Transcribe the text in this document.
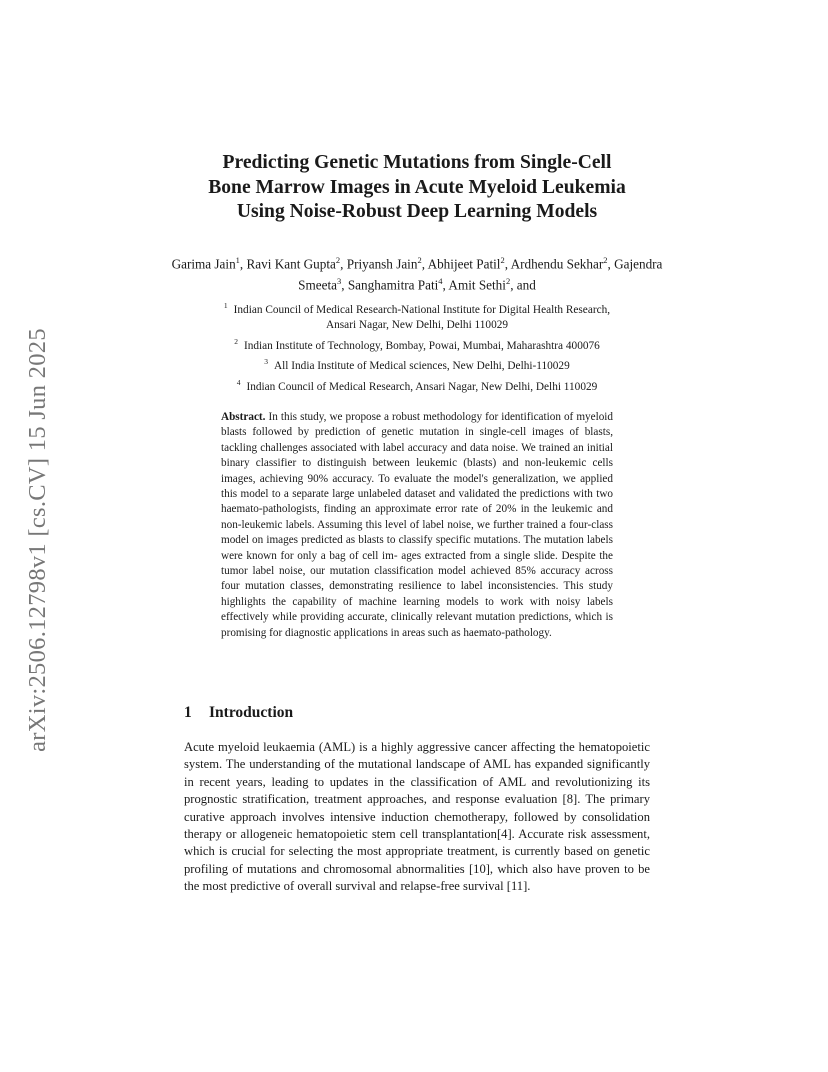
arXiv:2506.12798v1 [cs.CV] 15 Jun 2025
Predicting Genetic Mutations from Single-Cell
Bone Marrow Images in Acute Myeloid Leukemia
Using Noise-Robust Deep Learning Models
Garima Jain$^1$, Ravi Kant Gupta$^2$, Priyansh Jain$^2$, Abhijeet Patil$^2$, Ardhendu Sekhar$^2$, Gajendra Smeeta$^3$, Sanghamitra Pati$^4$, Amit Sethi$^2$, and
$^1$ Indian Council of Medical Research-National Institute for Digital Health Research,
Ansari Nagar, New Delhi, Delhi 110029
$^2$ Indian Institute of Technology, Bombay, Powai, Mumbai, Maharashtra 400076
$^3$ All India Institute of Medical sciences, New Delhi, Delhi-110029
$^4$ Indian Council of Medical Research, Ansari Nagar, New Delhi, Delhi 110029

Abstract. In this study, we propose a robust methodology for identification of myeloid blasts followed by prediction of genetic mutation in single-cell images of blasts, tackling challenges associated with label accuracy and data noise. We trained an initial binary classifier to distinguish between leukemic (blasts) and non-leukemic cells images, achieving 90% accuracy. To evaluate the model's generalization, we applied this model to a separate large unlabeled dataset and validated the predictions with two haemato-pathologists, finding an approximate error rate of 20% in the leukemic and non-leukemic labels. Assuming this level of label noise, we further trained a four-class model on images predicted as blasts to classify specific mutations. The mutation labels were known for only a bag of cell im- ages extracted from a single slide. Despite the tumor label noise, our mutation classification model achieved 85% accuracy across four mutation classes, demonstrating resilience to label inconsistencies. This study highlights the capability of machine learning models to work with noisy labels effectively while providing accurate, clinically relevant mutation predictions, which is promising for diagnostic applications in areas such as haemato-pathology.

1 Introduction

Acute myeloid leukaemia (AML) is a highly aggressive cancer affecting the hematopoietic system. The understanding of the mutational landscape of AML has expanded significantly in recent years, leading to updates in the classification of AML and revolutionizing its prognostic stratification, treatment approaches, and response evaluation [8]. The primary curative approach involves intensive induction chemotherapy, followed by consolidation therapy or allogeneic hematopoietic stem cell transplantation[4]. Accurate risk assessment, which is crucial for selecting the most appropriate treatment, is currently based on genetic profiling of mutations and chromosomal abnormalities [10], which also have proven to be the most predictive of overall survival and relapse-free survival [11].
